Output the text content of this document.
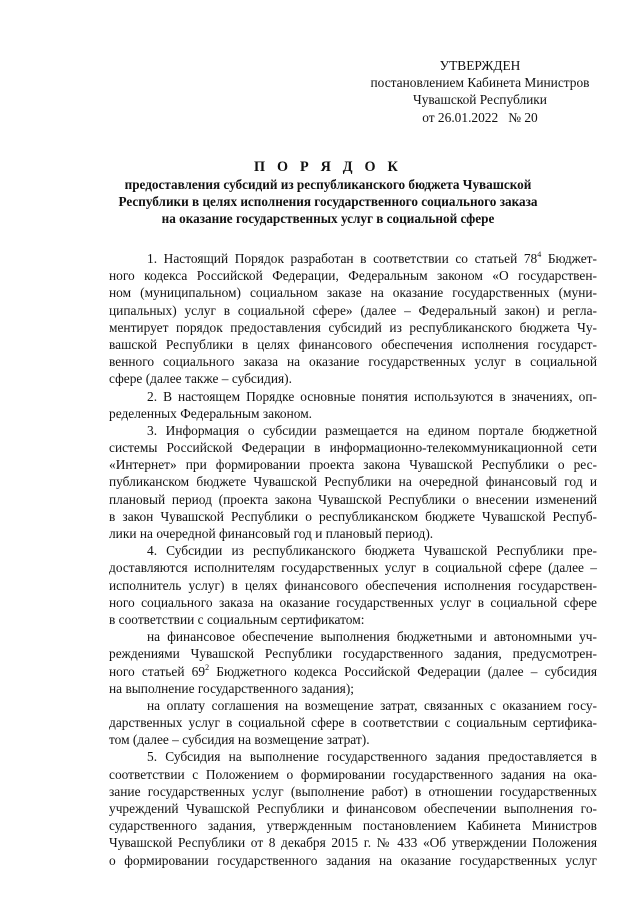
УТВЕРЖДЕН
постановлением Кабинета Министров
Чувашской Республики
от 26.01.2022   № 20
П О Р Я Д О К
предоставления субсидий из республиканского бюджета Чувашской
Республики в целях исполнения государственного социального заказа
на оказание государственных услуг в социальной сфере
1. Настоящий Порядок разработан в соответствии со статьей $78^4$ Бюджет-
ного кодекса Российской Федерации, Федеральным законом «О государствен-
ном (муниципальном) социальном заказе на оказание государственных (муни-
ципальных) услуг в социальной сфере» (далее – Федеральный закон) и регла-
ментирует порядок предоставления субсидий из республиканского бюджета Чу-
вашской Республики в целях финансового обеспечения исполнения государст-
венного социального заказа на оказание государственных услуг в социальной
сфере (далее также – субсидия).
2. В настоящем Порядке основные понятия используются в значениях, оп-
ределенных Федеральным законом.
3. Информация о субсидии размещается на едином портале бюджетной
системы Российской Федерации в информационно-телекоммуникационной сети
«Интернет» при формировании проекта закона Чувашской Республики о рес-
публиканском бюджете Чувашской Республики на очередной финансовый год и
плановый период (проекта закона Чувашской Республики о внесении изменений
в закон Чувашской Республики о республиканском бюджете Чувашской Респуб-
лики на очередной финансовый год и плановый период).
4. Субсидии из республиканского бюджета Чувашской Республики пре-
доставляются исполнителям государственных услуг в социальной сфере (далее –
исполнитель услуг) в целях финансового обеспечения исполнения государствен-
ного социального заказа на оказание государственных услуг в социальной сфере
в соответствии с социальным сертификатом:
на финансовое обеспечение выполнения бюджетными и автономными уч-
реждениями Чувашской Республики государственного задания, предусмотрен-
ного статьей $69^2$ Бюджетного кодекса Российской Федерации (далее – субсидия
на выполнение государственного задания);
на оплату соглашения на возмещение затрат, связанных с оказанием госу-
дарственных услуг в социальной сфере в соответствии с социальным сертифика-
том (далее – субсидия на возмещение затрат).
5. Субсидия на выполнение государственного задания предоставляется в
соответствии с Положением о формировании государственного задания на ока-
зание государственных услуг (выполнение работ) в отношении государственных
учреждений Чувашской Республики и финансовом обеспечении выполнения го-
сударственного задания, утвержденным постановлением Кабинета Министров
Чувашской Республики от 8 декабря 2015 г. № 433 «Об утверждении Положения
о формировании государственного задания на оказание государственных услуг
